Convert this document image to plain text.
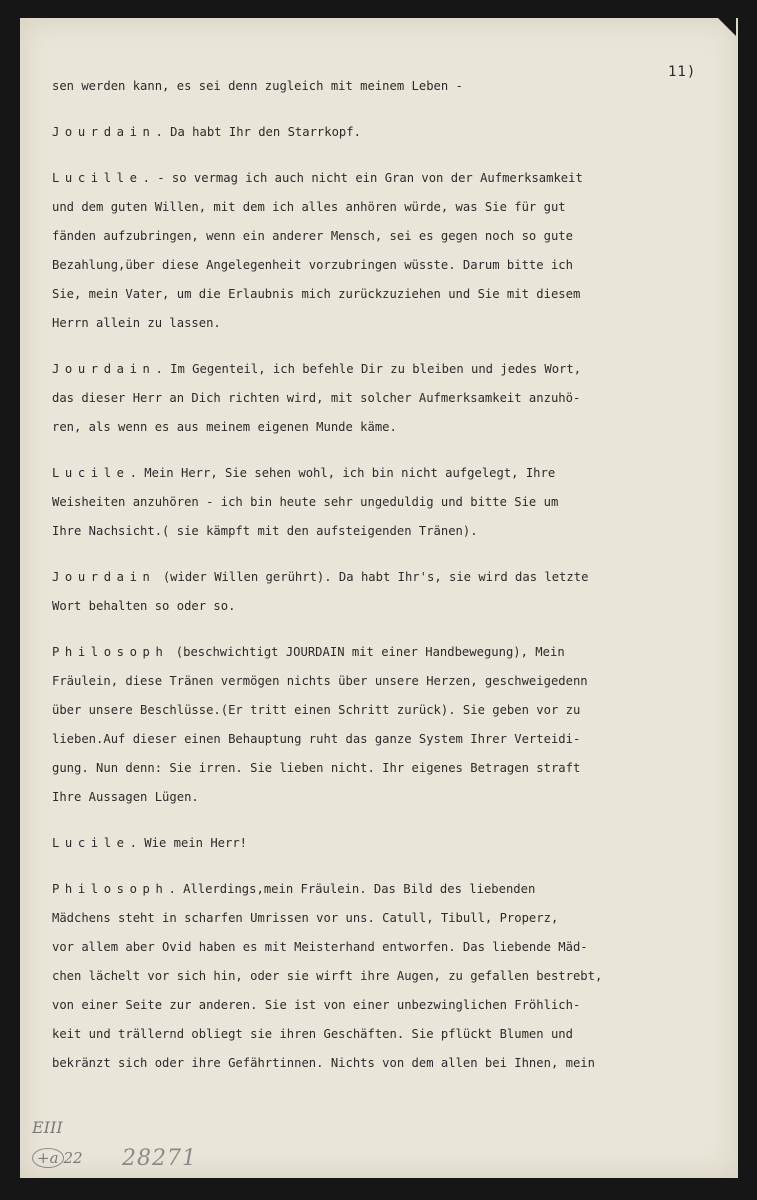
11)
sen werden kann, es sei denn zugleich mit meinem Leben -
Jourdain. Da habt Ihr den Starrkopf.
Lucille. - so vermag ich auch nicht ein Gran von der Aufmerksamkeit
und dem guten Willen, mit dem ich alles anhören würde, was Sie für gut
fänden aufzubringen, wenn ein anderer Mensch, sei es gegen noch so gute
Bezahlung,über diese Angelegenheit vorzubringen wüsste. Darum bitte ich
Sie, mein Vater, um die Erlaubnis mich zurückzuziehen und Sie mit diesem
Herrn allein zu lassen.
Jourdain. Im Gegenteil, ich befehle Dir zu bleiben und jedes Wort,
das dieser Herr an Dich richten wird, mit solcher Aufmerksamkeit anzuhö-
ren, als wenn es aus meinem eigenen Munde käme.
Lucile. Mein Herr, Sie sehen wohl, ich bin nicht aufgelegt, Ihre
Weisheiten anzuhören - ich bin heute sehr ungeduldig und bitte Sie um
Ihre Nachsicht.( sie kämpft mit den aufsteigenden Tränen).
Jourdain (wider Willen gerührt). Da habt Ihr's, sie wird das letzte
Wort behalten so oder so.
Philosoph (beschwichtigt JOURDAIN mit einer Handbewegung), Mein
Fräulein, diese Tränen vermögen nichts über unsere Herzen, geschweigedenn
über unsere Beschlüsse.(Er tritt einen Schritt zurück). Sie geben vor zu
lieben.Auf dieser einen Behauptung ruht das ganze System Ihrer Verteidi-
gung. Nun denn: Sie irren. Sie lieben nicht. Ihr eigenes Betragen straft
Ihre Aussagen Lügen.
Lucile. Wie mein Herr!
Philosoph. Allerdings,mein Fräulein. Das Bild des liebenden
Mädchens steht in scharfen Umrissen vor uns. Catull, Tibull, Properz,
vor allem aber Ovid haben es mit Meisterhand entworfen. Das liebende Mäd-
chen lächelt vor sich hin, oder sie wirft ihre Augen, zu gefallen bestrebt,
von einer Seite zur anderen. Sie ist von einer unbezwinglichen Fröhlich-
keit und trällernd obliegt sie ihren Geschäften. Sie pflückt Blumen und
bekränzt sich oder ihre Gefährtinnen. Nichts von dem allen bei Ihnen, mein
EIII
+a 22 28271
